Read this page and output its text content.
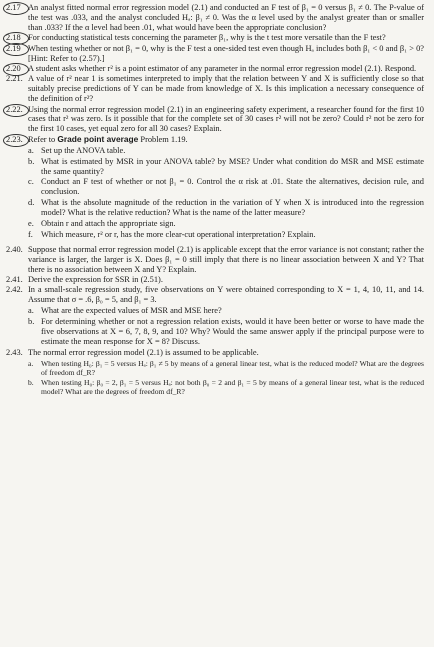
2.17 An analyst fitted normal error regression model (2.1) and conducted an F test of β₁ = 0 versus β₁ ≠ 0. The P-value of the test was .033, and the analyst concluded Hₐ: β₁ ≠ 0. Was the α level used by the analyst greater than or smaller than .033? If the α level had been .01, what would have been the appropriate conclusion?
2.18 For conducting statistical tests concerning the parameter β₁, why is the t test more versatile than the F test?
2.19 When testing whether or not β₁ = 0, why is the F test a one-sided test even though Hₐ includes both β₁ < 0 and β₁ > 0? [Hint: Refer to (2.57).]
2.20 A student asks whether r² is a point estimator of any parameter in the normal error regression model (2.1). Respond.
2.21. A value of r² near 1 is sometimes interpreted to imply that the relation between Y and X is sufficiently close so that suitably precise predictions of Y can be made from knowledge of X. Is this implication a necessary consequence of the definition of r²?
2.22. Using the normal error regression model (2.1) in an engineering safety experiment, a researcher found for the first 10 cases that r² was zero. Is it possible that for the complete set of 30 cases r² will not be zero? Could r² not be zero for the first 10 cases, yet equal zero for all 30 cases? Explain.
2.23. Refer to Grade point average Problem 1.19.
a. Set up the ANOVA table.
b. What is estimated by MSR in your ANOVA table? by MSE? Under what condition do MSR and MSE estimate the same quantity?
c. Conduct an F test of whether or not β₁ = 0. Control the α risk at .01. State the alternatives, decision rule, and conclusion.
d. What is the absolute magnitude of the reduction in the variation of Y when X is introduced into the regression model? What is the relative reduction? What is the name of the latter measure?
e. Obtain r and attach the appropriate sign.
f. Which measure, r² or r, has the more clear-cut operational interpretation? Explain.
2.40. Suppose that normal error regression model (2.1) is applicable except that the error variance is not constant; rather the variance is larger, the larger is X. Does β₁ = 0 still imply that there is no linear association between X and Y? That there is no association between X and Y? Explain.
2.41. Derive the expression for SSR in (2.51).
2.42. In a small-scale regression study, five observations on Y were obtained corresponding to X = 1, 4, 10, 11, and 14. Assume that σ = .6, β₀ = 5, and β₁ = 3.
a. What are the expected values of MSR and MSE here?
b. For determining whether or not a regression relation exists, would it have been better or worse to have made the five observations at X = 6, 7, 8, 9, and 10? Why? Would the same answer apply if the principal purpose were to estimate the mean response for X = 8? Discuss.
2.43. The normal error regression model (2.1) is assumed to be applicable.
a.	When testing H₀: β₁ = 5 versus Hₐ: β₁ ≠ 5 by means of a general linear test, what is the reduced model? What are the degrees of freedom df_R?
b. When testing H₀: β₀ = 2, β₁ = 5 versus Hₐ: not both β₀ = 2 and β₁ = 5 by means of a general linear test, what is the reduced model? What are the degrees of freedom df_R?
